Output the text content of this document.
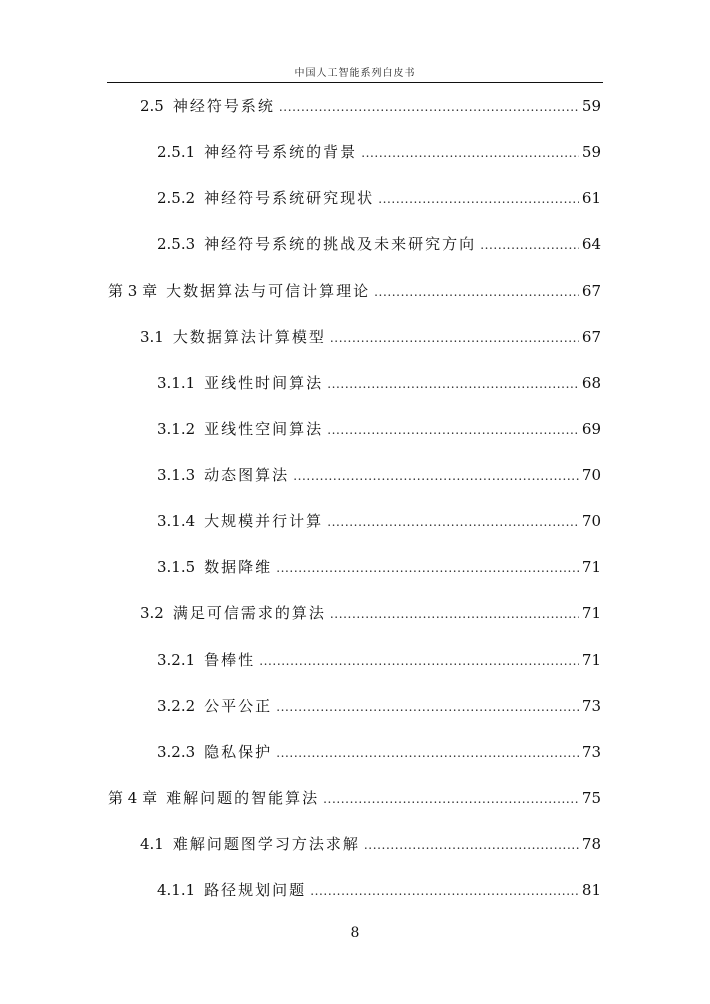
中国人工智能系列白皮书
2.5 神经符号系统 .....	59
2.5.1 神经符号系统的背景 .....	59
2.5.2 神经符号系统研究现状 .....	61
2.5.3 神经符号系统的挑战及未来研究方向 .....	64
第 3 章 大数据算法与可信计算理论 .....	67
3.1 大数据算法计算模型 .....	67
3.1.1 亚线性时间算法 .....	68
3.1.2 亚线性空间算法 .....	69
3.1.3 动态图算法 .....	70
3.1.4 大规模并行计算 .....	70
3.1.5 数据降维 .....	71
3.2 满足可信需求的算法 .....	71
3.2.1 鲁棒性 .....	71
3.2.2 公平公正 .....	73
3.2.3 隐私保护 .....	73
第 4 章 难解问题的智能算法 .....	75
4.1 难解问题图学习方法求解 .....	78
4.1.1 路径规划问题 .....	81
8
